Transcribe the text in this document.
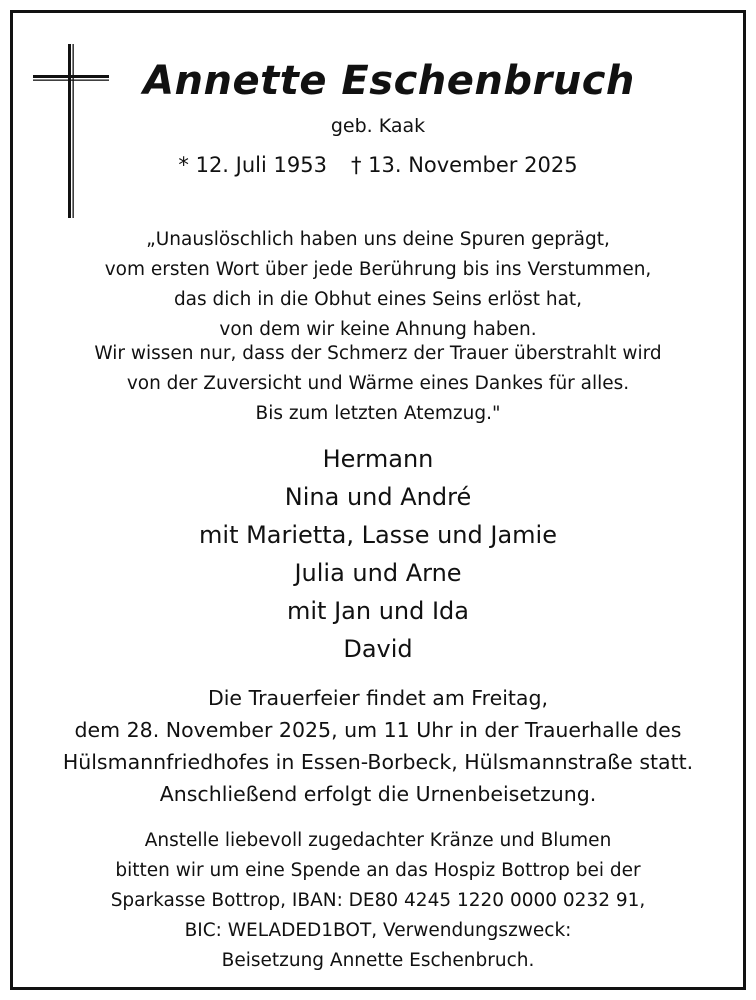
Annette Eschenbruch
geb. Kaak
* 12. Juli 1953 † 13. November 2025
„Unauslöschlich haben uns deine Spuren geprägt,
vom ersten Wort über jede Berührung bis ins Verstummen,
das dich in die Obhut eines Seins erlöst hat,
von dem wir keine Ahnung haben.
Wir wissen nur, dass der Schmerz der Trauer überstrahlt wird
von der Zuversicht und Wärme eines Dankes für alles.
Bis zum letzten Atemzug."
Hermann
Nina und André
mit Marietta, Lasse und Jamie
Julia und Arne
mit Jan und Ida
David
Die Trauerfeier findet am Freitag,
dem 28. November 2025, um 11 Uhr in der Trauerhalle des
Hülsmannfriedhofes in Essen-Borbeck, Hülsmannstraße statt.
Anschließend erfolgt die Urnenbeisetzung.
Anstelle liebevoll zugedachter Kränze und Blumen
bitten wir um eine Spende an das Hospiz Bottrop bei der
Sparkasse Bottrop, IBAN: DE80 4245 1220 0000 0232 91,
BIC: WELADED1BOT, Verwendungszweck:
Beisetzung Annette Eschenbruch.
